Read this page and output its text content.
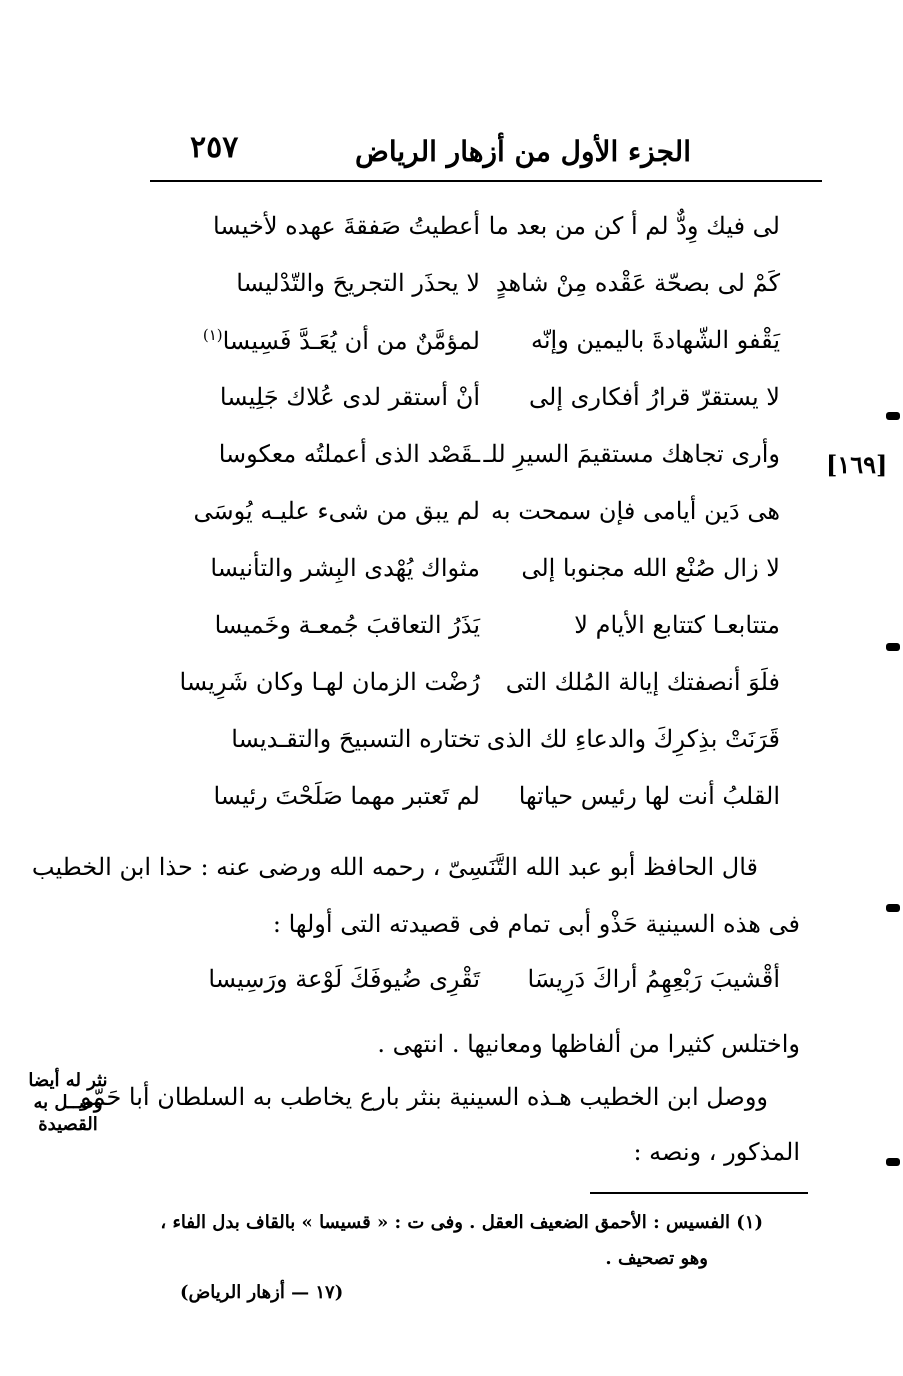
الجزء الأول من أزهار الرياض
٢٥٧
لى فيك وِدٌّ لم أ كن من بعد ما
أعطيتُ صَفقةَ عهده لأخيسا
كَمْ لى بصحّة عَقْده مِنْ شاهدٍ
لا يحذَر التجريحَ والتّدْليسا
يَقْفو الشّهادةَ باليمين وإنّه
لمؤمَّنٌ من أن يُعَـدَّ فَسِيسا$^{(١)}$
لا يستقرّ قرارُ أفكارى إلى
أنْ أستقر لدى عُلاك جَلِيسا
وأرى تجاهك مستقيمَ السيرِ للـ
ـقَصْد الذى أعملتُه معكوسا
هى دَين أيامى فإن سمحت به
لم يبق من شىء عليـه يُوسَى
لا زال صُنْع الله مجنوبا إلى
مثواك يُهْدى البِشر والتأنيسا
متتابعـا كتتابع الأيام لا
يَذَرُ التعاقبَ جُمعـة وخَميسا
فلَوَ أنصفتك إيالة المُلك التى
رُضْت الزمان لهـا وكان شَرِيسا
قَرَنَتْ بذِكرِكَ والدعاءِ لك الذى
تختاره التسبيحَ والتقـديسا
القلبُ أنت لها رئيس حياتها
لم تَعتبر مهما صَلَحْتَ رئيسا
قال الحافظ أبو عبد الله التَّنَسِىّ ، رحمه الله ورضى عنه : حذا ابن الخطيب
فى هذه السينية حَذْو أبى تمام فى قصيدته التى أولها :
أقْشيبَ رَبْعِهِمُ أراكَ دَرِيسَا
تَقْرِى ضُيوفَكَ لَوْعة ورَسِيسا
واختلس كثيرا من ألفاظها ومعانيها . انتهى .
ووصل ابن الخطيب هـذه السينية بنثر بارع يخاطب به السلطان أبا حَمّو
المذكور ، ونصه :
[١٦٩]
نثر له أيضا
وصــل به
القصيدة
(١) الفسيس : الأحمق الضعيف العقل . وفى ت : « قسيسا » بالقاف بدل الفاء ،
وهو تصحيف .
(١٧ — أزهار الرياض)
